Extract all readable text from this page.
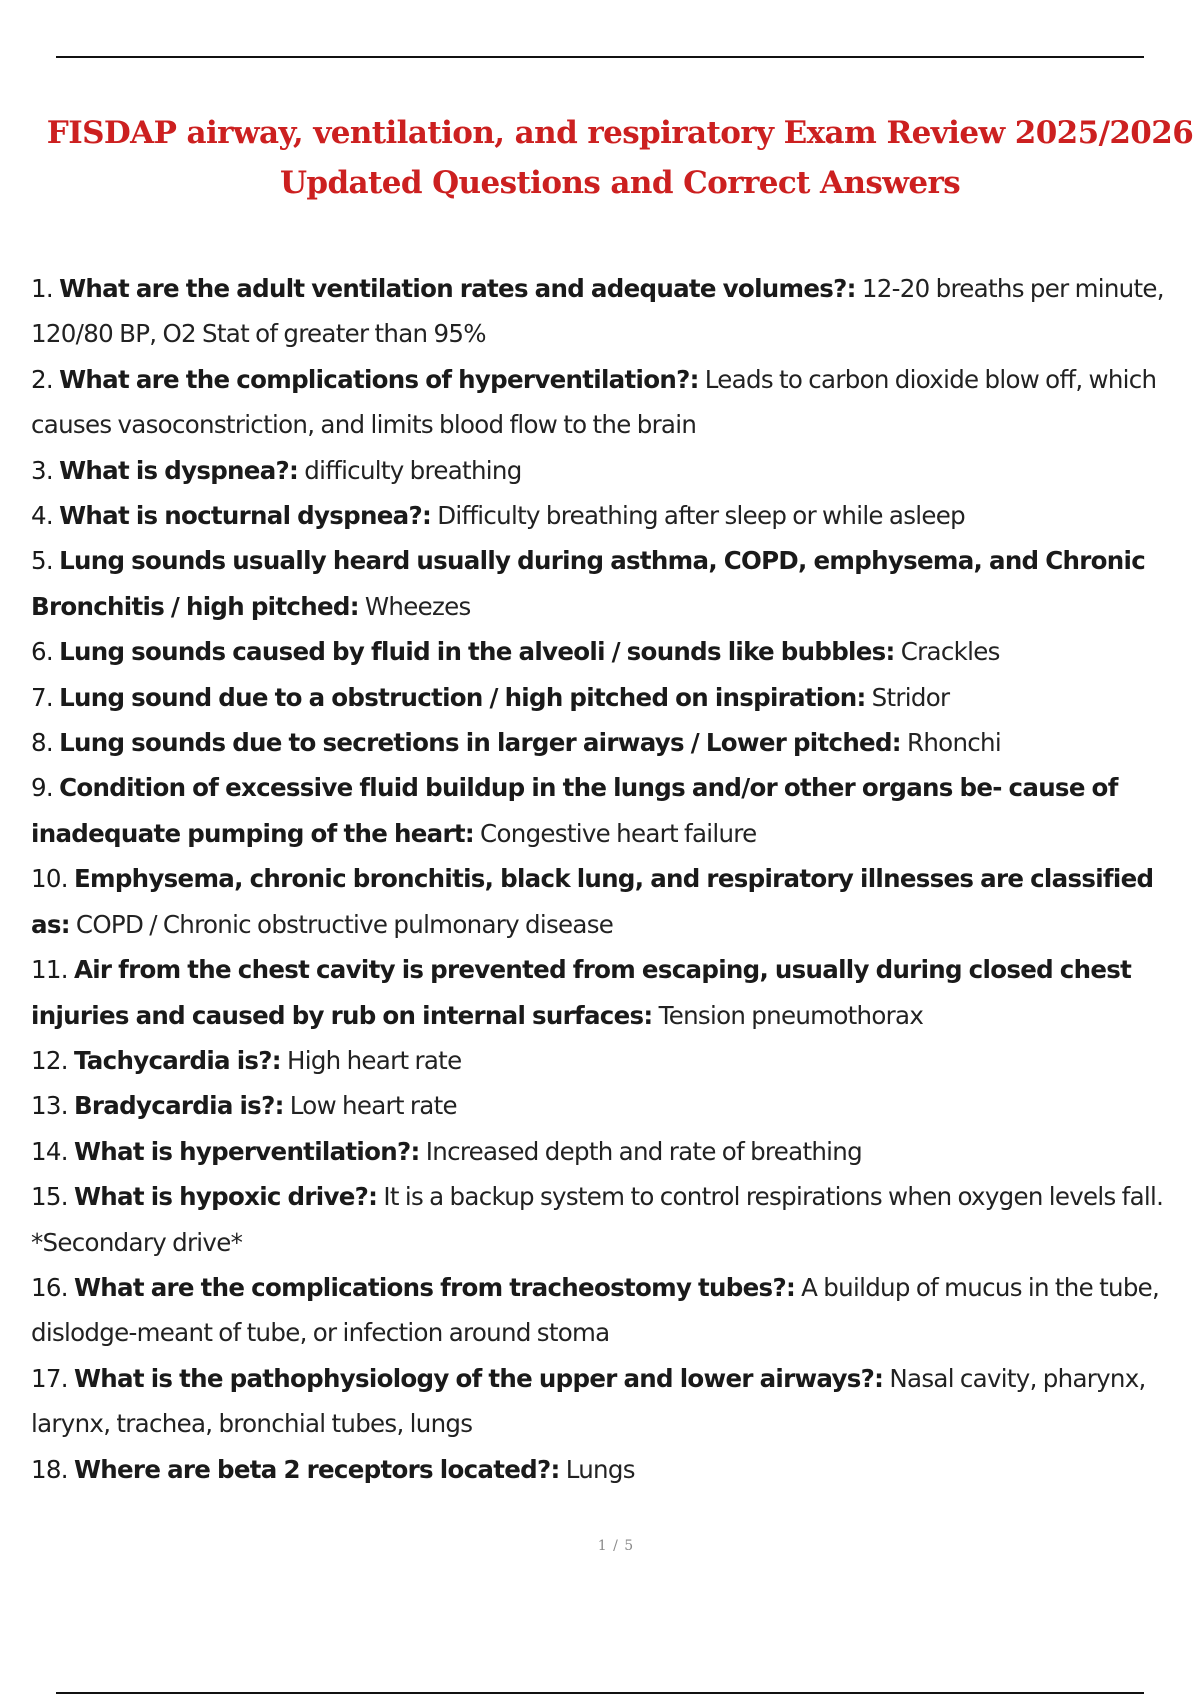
FISDAP airway, ventilation, and respiratory Exam Review 2025/2026
Updated Questions and Correct Answers
1. What are the adult ventilation rates and adequate volumes?: 12-20 breaths per minute, 120/80 BP, O2 Stat of greater than 95%
2. What are the complications of hyperventilation?: Leads to carbon dioxide blow off, which causes vasoconstriction, and limits blood flow to the brain
3. What is dyspnea?: difficulty breathing
4. What is nocturnal dyspnea?: Difficulty breathing after sleep or while asleep
5. Lung sounds usually heard usually during asthma, COPD, emphysema, and Chronic Bronchitis / high pitched: Wheezes
6. Lung sounds caused by fluid in the alveoli / sounds like bubbles: Crackles
7. Lung sound due to a obstruction / high pitched on inspiration: Stridor
8. Lung sounds due to secretions in larger airways / Lower pitched: Rhonchi
9. Condition of excessive fluid buildup in the lungs and/or other organs be- cause of inadequate pumping of the heart: Congestive heart failure
10. Emphysema, chronic bronchitis, black lung, and respiratory illnesses are classified as: COPD / Chronic obstructive pulmonary disease
11. Air from the chest cavity is prevented from escaping, usually during closed chest injuries and caused by rub on internal surfaces: Tension pneumothorax
12. Tachycardia is?: High heart rate
13. Bradycardia is?: Low heart rate
14. What is hyperventilation?: Increased depth and rate of breathing
15. What is hypoxic drive?: It is a backup system to control respirations when oxygen levels fall. *Secondary drive*
16. What are the complications from tracheostomy tubes?: A buildup of mucus in the tube, dislodge-meant of tube, or infection around stoma
17. What is the pathophysiology of the upper and lower airways?: Nasal cavity, pharynx, larynx, trachea, bronchial tubes, lungs
18. Where are beta 2 receptors located?: Lungs
1 / 5
